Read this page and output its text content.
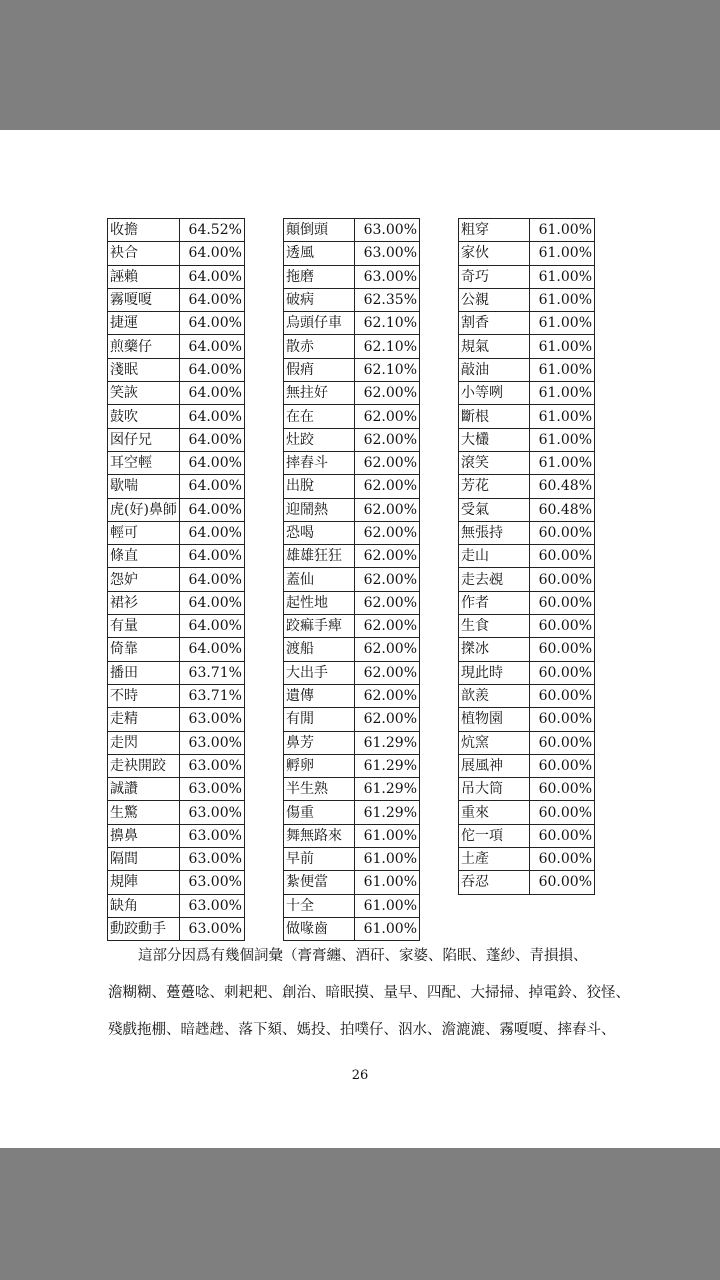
收擔	64.52%
袂合	64.00%
誣賴	64.00%
霧嗄嗄	64.00%
捷運	64.00%
煎藥仔	64.00%
淺眠	64.00%
笑詼	64.00%
鼓吹	64.00%
囡仔兄	64.00%
耳空輕	64.00%
歇喘	64.00%
虎(好)鼻師	64.00%
輕可	64.00%
條直	64.00%
怨妒	64.00%
裙衫	64.00%
有量	64.00%
倚靠	64.00%
播田	63.71%
不時	63.71%
走精	63.00%
走閃	63.00%
走袂開跤	63.00%
誠讚	63.00%
生驚	63.00%
擤鼻	63.00%
隔間	63.00%
規陣	63.00%
缺角	63.00%
動跤動手	63.00%
顛倒頭	63.00%
透風	63.00%
拖磨	63.00%
破病	62.35%
烏頭仔車	62.10%
散赤	62.10%
假痟	62.10%
無拄好	62.00%
在在	62.00%
灶跤	62.00%
摔舂斗	62.00%
出脫	62.00%
迎鬧熱	62.00%
恐喝	62.00%
雄雄狂狂	62.00%
蓋仙	62.00%
起性地	62.00%
跤痲手痺	62.00%
渡船	62.00%
大出手	62.00%
遺傳	62.00%
有閒	62.00%
鼻芳	61.29%
孵卵	61.29%
半生熟	61.29%
傷重	61.29%
舞無路來	61.00%
早前	61.00%
紮便當	61.00%
十全	61.00%
做喙齒	61.00%
粗穿	61.00%
家伙	61.00%
奇巧	61.00%
公親	61.00%
割香	61.00%
規氣	61.00%
敲油	61.00%
小等咧	61.00%
斷根	61.00%
大欉	61.00%
滾笑	61.00%
芳花	60.48%
受氣	60.48%
無張持	60.00%
走山	60.00%
走去覕	60.00%
作者	60.00%
生食	60.00%
搩冰	60.00%
現此時	60.00%
歆羨	60.00%
植物園	60.00%
炕窯	60.00%
展風神	60.00%
吊大筒	60.00%
重來	60.00%
佗一項	60.00%
土產	60.00%
吞忍	60.00%
這部分因爲有幾個詞彙（膏膏纏、酒矸、家婆、陷眠、蓬紗、青損損、
澹糊糊、躉躉唸、刺耙耙、創治、暗眠摸、量早、四配、大掃掃、掉電鈴、狡怪、
殘戲拖棚、暗趖趖、落下頦、媽投、拍噗仔、泅水、澹漉漉、霧嗄嗄、摔舂斗、
26
